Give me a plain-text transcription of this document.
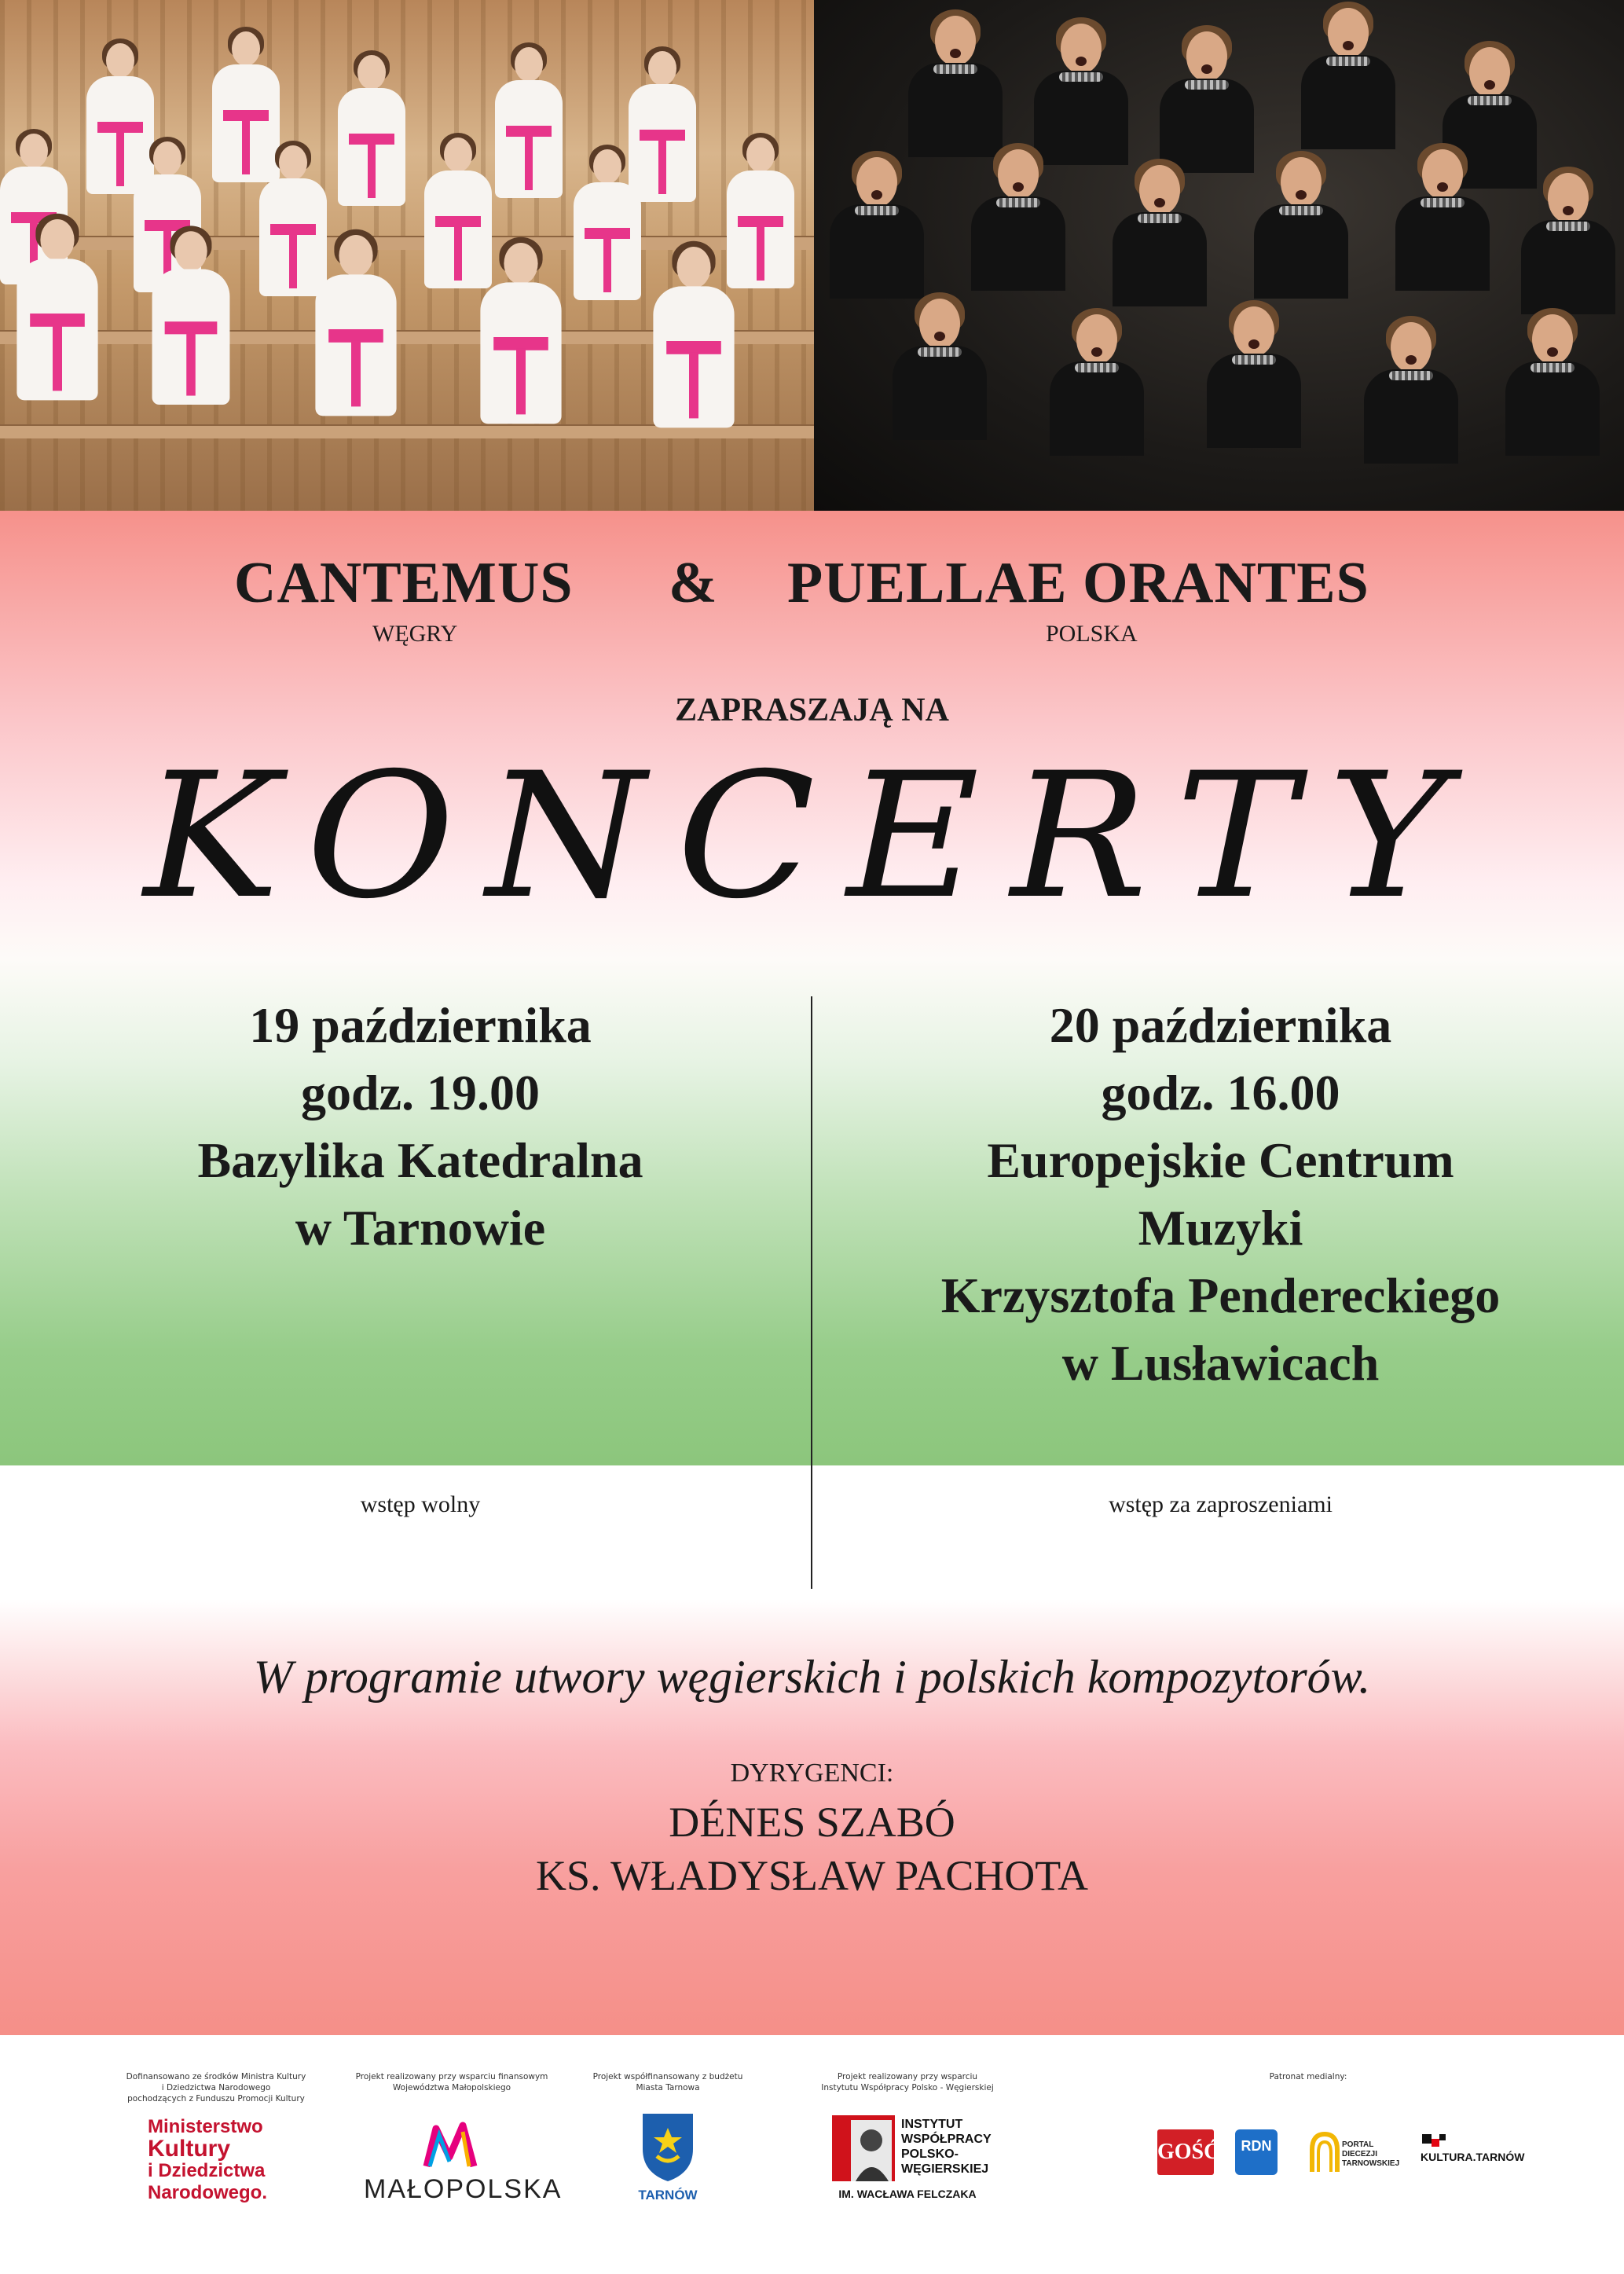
CANTEMUS & PUELLAE ORANTES

WĘGRY	POLSKA

ZAPRASZAJĄ NA

KONCERTY
19 października
godz. 19.00
Bazylika Katedralna
w Tarnowie
20 października
godz. 16.00
Europejskie Centrum
Muzyki
Krzysztofa Pendereckiego
w Lusławicach

wstęp wolny	wstęp za zaproszeniami

W programie utwory węgierskich i polskich kompozytorów.

DYRYGENCI:

DÉNES SZABÓ

KS. WŁADYSŁAW PACHOTA

Dofinansowano ze środków Ministra Kultury
i Dziedzictwa Narodowego
pochodzących z Funduszu Promocji Kultury
Ministerstwo
Kultury
i Dziedzictwa
Narodowego.
Projekt realizowany przy wsparciu finansowym
Województwa Małopolskiego
MAŁOPOLSKA
Projekt współfinansowany z budżetu
Miasta Tarnowa
TARNÓW
Projekt realizowany przy wsparciu
Instytutu Współpracy Polsko - Węgierskiej
INSTYTUT
WSPÓŁPRACY
POLSKO-
WĘGIERSKIEJ
IM. WACŁAWA FELCZAKA
Patronat medialny:
GOŚĆ	RDN	PORTAL
DIECEZJI
TARNOWSKIEJ
KULTURA.TARNÓW
